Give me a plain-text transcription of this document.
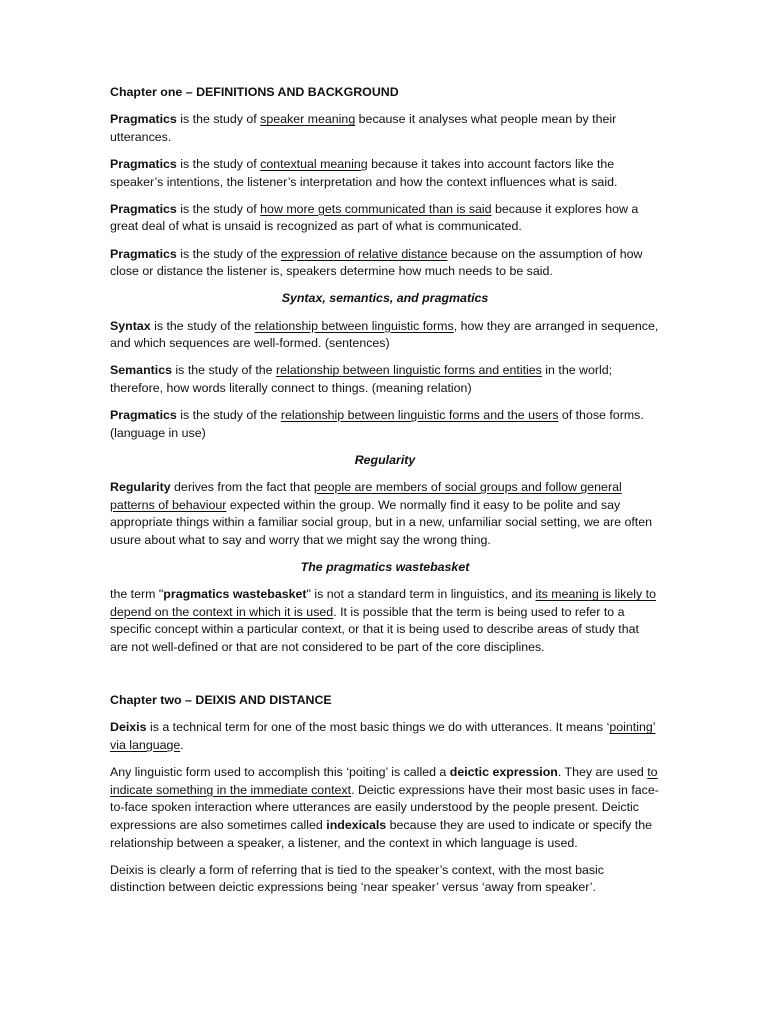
Chapter one – DEFINITIONS AND BACKGROUND

Pragmatics is the study of speaker meaning because it analyses what people mean by their utterances.

Pragmatics is the study of contextual meaning because it takes into account factors like the speaker’s intentions, the listener’s interpretation and how the context influences what is said.

Pragmatics is the study of how more gets communicated than is said because it explores how a great deal of what is unsaid is recognized as part of what is communicated.

Pragmatics is the study of the expression of relative distance because on the assumption of how close or distance the listener is, speakers determine how much needs to be said.

Syntax, semantics, and pragmatics

Syntax is the study of the relationship between linguistic forms, how they are arranged in sequence, and which sequences are well-formed. (sentences)

Semantics is the study of the relationship between linguistic forms and entities in the world; therefore, how words literally connect to things. (meaning relation)

Pragmatics is the study of the relationship between linguistic forms and the users of those forms. (language in use)

Regularity

Regularity derives from the fact that people are members of social groups and follow general patterns of behaviour expected within the group. We normally find it easy to be polite and say appropriate things within a familiar social group, but in a new, unfamiliar social setting, we are often usure about what to say and worry that we might say the wrong thing.

The pragmatics wastebasket

the term "pragmatics wastebasket" is not a standard term in linguistics, and its meaning is likely to depend on the context in which it is used. It is possible that the term is being used to refer to a specific concept within a particular context, or that it is being used to describe areas of study that are not well-defined or that are not considered to be part of the core disciplines.

Chapter two – DEIXIS AND DISTANCE

Deixis is a technical term for one of the most basic things we do with utterances. It means ‘pointing’ via language.

Any linguistic form used to accomplish this ‘poiting’ is called a deictic expression. They are used to indicate something in the immediate context. Deictic expressions have their most basic uses in face-to-face spoken interaction where utterances are easily understood by the people present. Deictic expressions are also sometimes called indexicals because they are used to indicate or specify the relationship between a speaker, a listener, and the context in which language is used.

Deixis is clearly a form of referring that is tied to the speaker’s context, with the most basic distinction between deictic expressions being ‘near speaker’ versus ‘away from speaker’.
